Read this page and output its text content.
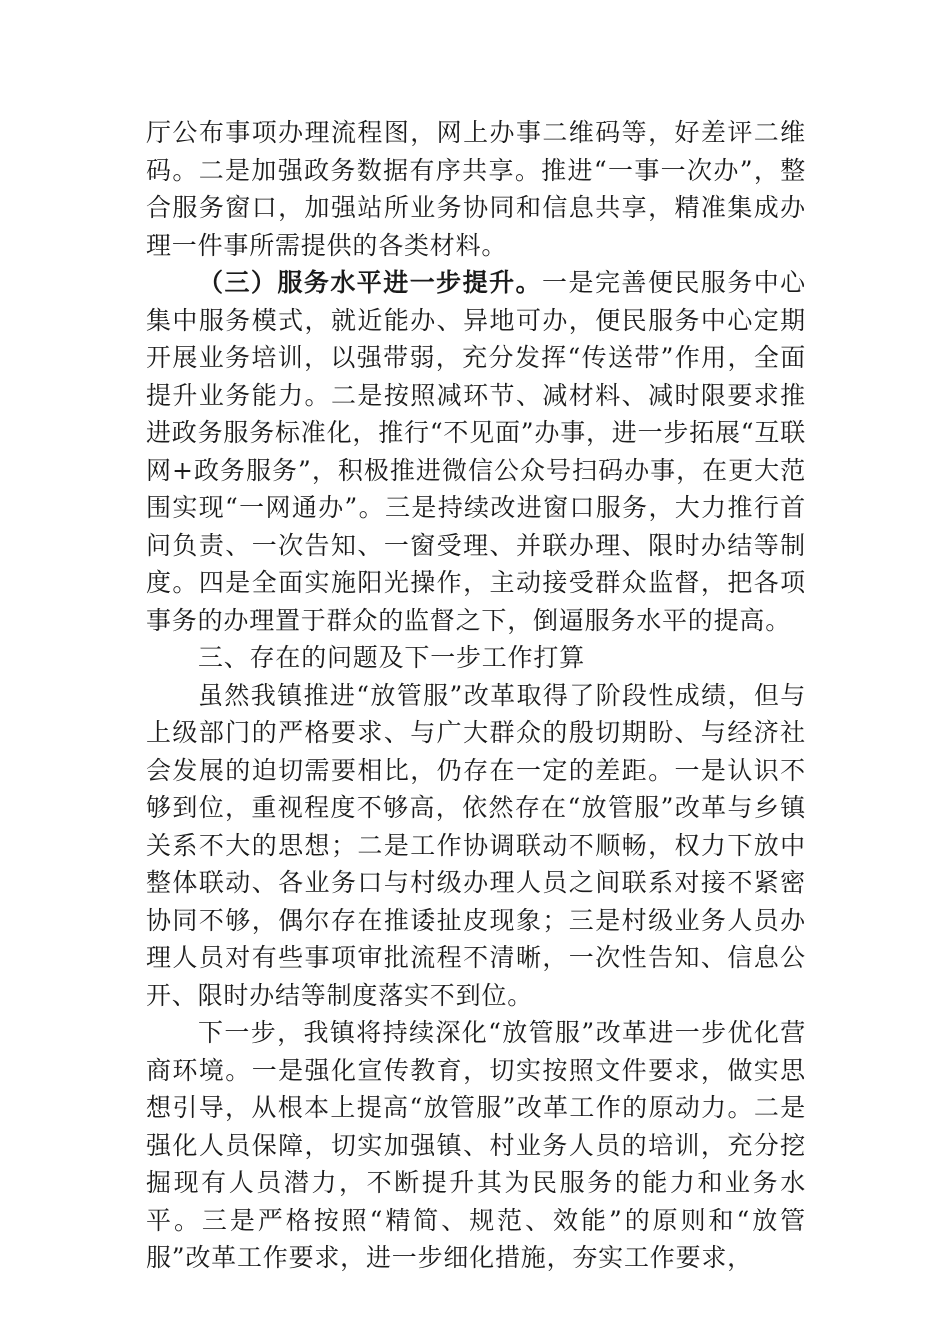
厅公布事项办理流程图，网上办事二维码等，好差评二维码。二是加强政务数据有序共享。推进“一事一次办”，整合服务窗口，加强站所业务协同和信息共享，精准集成办理一件事所需提供的各类材料。

（三）服务水平进一步提升。一是完善便民服务中心集中服务模式，就近能办、异地可办，便民服务中心定期开展业务培训，以强带弱，充分发挥“传送带”作用，全面提升业务能力。二是按照减环节、减材料、减时限要求推进政务服务标准化，推行“不见面”办事，进一步拓展“互联网+政务服务”，积极推进微信公众号扫码办事，在更大范围实现“一网通办”。三是持续改进窗口服务，大力推行首问负责、一次告知、一窗受理、并联办理、限时办结等制度。四是全面实施阳光操作，主动接受群众监督，把各项事务的办理置于群众的监督之下，倒逼服务水平的提高。

三、存在的问题及下一步工作打算

虽然我镇推进“放管服”改革取得了阶段性成绩，但与上级部门的严格要求、与广大群众的殷切期盼、与经济社会发展的迫切需要相比，仍存在一定的差距。一是认识不够到位，重视程度不够高，依然存在“放管服”改革与乡镇关系不大的思想；二是工作协调联动不顺畅，权力下放中整体联动、各业务口与村级办理人员之间联系对接不紧密协同不够，偶尔存在推诿扯皮现象；三是村级业务人员办理人员对有些事项审批流程不清晰，一次性告知、信息公开、限时办结等制度落实不到位。

下一步，我镇将持续深化“放管服”改革进一步优化营商环境。一是强化宣传教育，切实按照文件要求，做实思想引导，从根本上提高“放管服”改革工作的原动力。二是强化人员保障，切实加强镇、村业务人员的培训，充分挖掘现有人员潜力，不断提升其为民服务的能力和业务水平。三是严格按照“精简、规范、效能”的原则和“放管服”改革工作要求，进一步细化措施，夯实工作要求，
